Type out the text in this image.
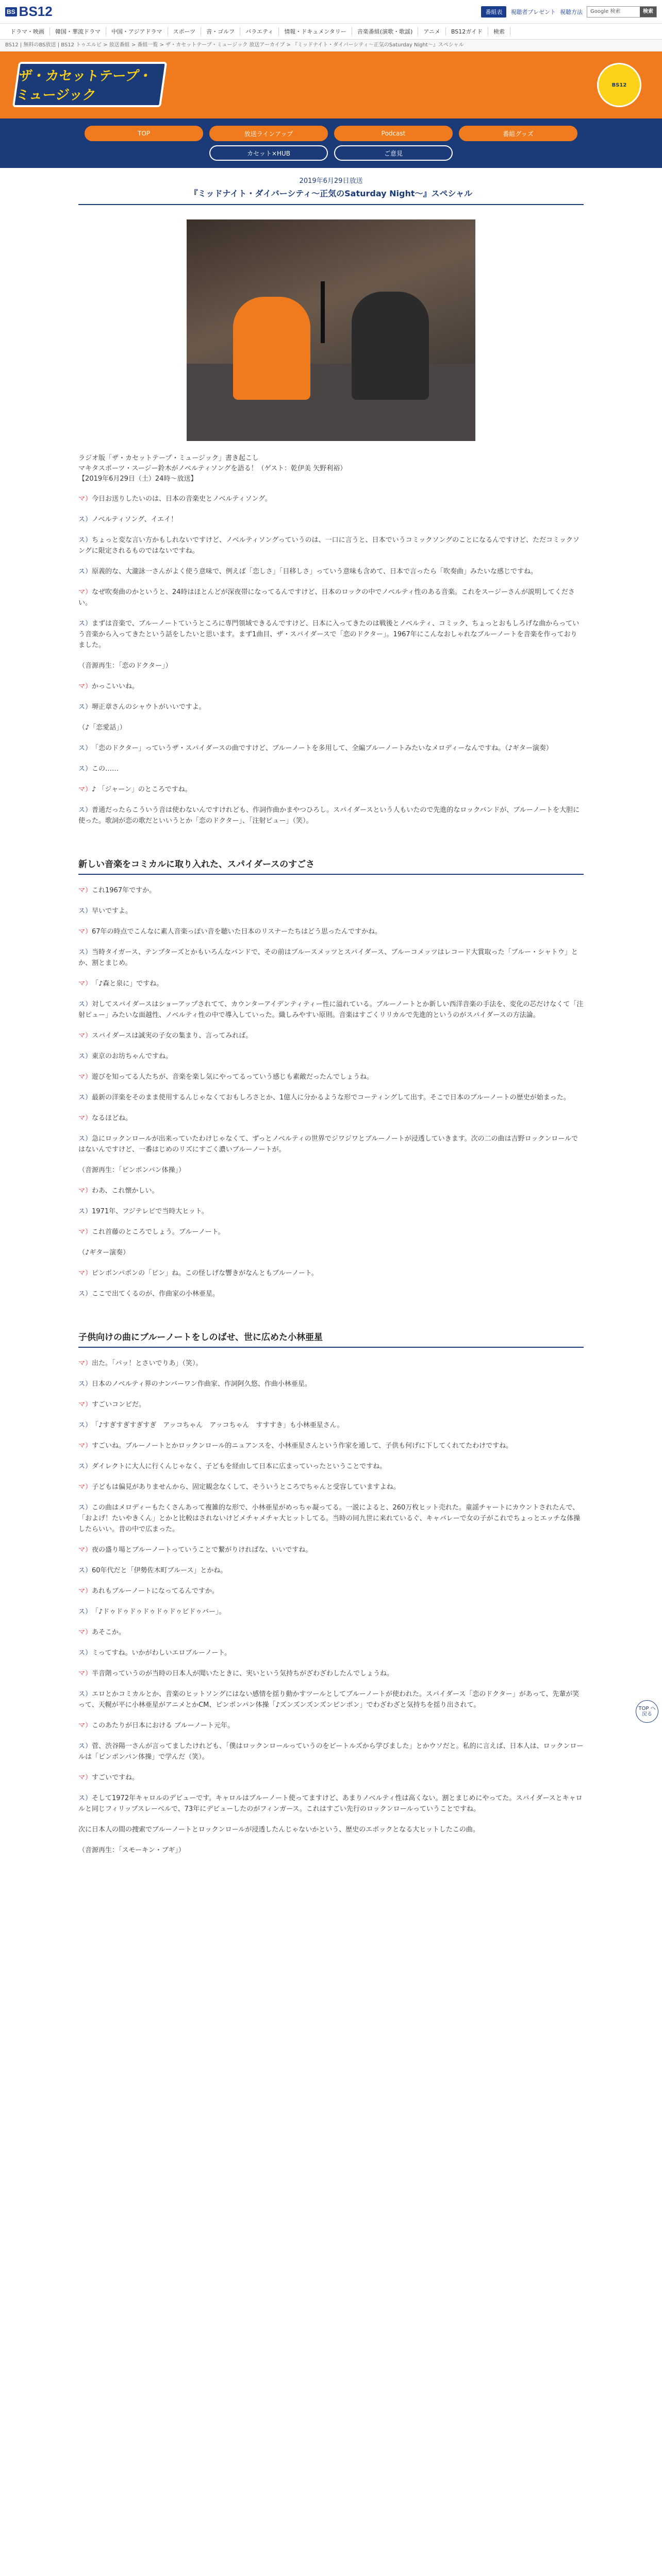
BS BS12	番組表	視聴者プレゼント 視聴方法	Google 検索	検索
ドラマ・映画	韓国・華流ドラマ	中国・アジアドラマ	スポーツ	音・ゴルフ	バラエティ	情報・ドキュメンタリー	音楽番組(演歌・歌謡)	アニメ	BS12ガイド	検索
BS12 | 無料のBS放送 | BS12 トゥエルビ > 放送番組 > 番組一覧 > ザ・カセットテープ・ミュージック 放送アーカイブ > 『ミッドナイト・ダイバーシティ〜正気のSaturday Night〜』スペシャル
ザ・カセットテープ・ミュージック
BS12
TOP	放送ラインアップ	Podcast	番組グッズ
カセット×HUB	ご意見
2019年6月29日放送
『ミッドナイト・ダイバーシティ〜正気のSaturday Night〜』スペシャル
ラジオ版「ザ・カセットテープ・ミュージック」書き起こし
マキタスポーツ・スージー鈴木がノベルティソングを語る！（ゲスト：乾伊美 矢野利裕）
【2019年6月29日（土）24時〜放送】

マ）今日お送りしたいのは、日本の音楽史とノベルティソング。

ス）ノベルティソング、イエイ！

ス）ちょっと変な言い方かもしれないですけど、ノベルティソングっていうのは、一口に言うと、日本でいうコミックソングのことになるんですけど、ただコミックソングに限定されるものではないですね。

ス）原義的な、大瀧詠一さんがよく使う意味で、例えば「恋しさ」「目移しさ」っていう意味も含めて、日本で言ったら「吹奏曲」みたいな感じですね。

マ）なぜ吹奏曲のかというと、24時はほとんどが深夜帯になってるんですけど、日本のロックの中でノベルティ性のある音楽。これをスージーさんが説明してください。

ス）まずは音楽で、ブルーノートていうところに専門領域できるんですけど、日本に入ってきたのは戦後とノベルティ、コミック、ちょっとおもしろげな曲からっていう音楽から入ってきたという話をしたいと思います。まず1曲目、ザ・スパイダースで「恋のドクター」。1967年にこんなおしゃれなブルーノートを音楽を作っておりました。

（音源再生：「恋のドクター」）

マ）かっこいいね。

ス）堺正章さんのシャウトがいいですよ。

（♪「恋愛話」）

ス）「恋のドクター」っていうザ・スパイダースの曲ですけど、ブルーノートを多用して、全編ブルーノートみたいなメロディーなんですね。（♪ギター演奏）

ス）この……

マ）♪ 「ジャーン」のところですね。

ス）普通だったらこういう音は使わないんですけれども、作詞作曲かまやつひろし。スパイダースという人もいたので先進的なロックバンドが、ブルーノートを大胆に使った。歌詞が恋の歌だといいうとか「恋のドクター」、「注射ピュー」（笑）。

新しい音楽をコミカルに取り入れた、スパイダースのすごさ

マ）これ1967年ですか。

ス）早いですよ。

マ）67年の時点でこんなに素人音楽っぽい音を聴いた日本のリスナーたちはどう思ったんですかね。

ス）当時タイガース、テンプターズとかもいろんなバンドで、その前はブルースメッツとスパイダース、ブルーコメッツはレコード大賞取った「ブルー・シャトウ」とか、割とまじめ。

マ）「♪森と泉に」ですね。

ス）対してスパイダースはショーアップされてて、カウンターアイデンティティー性に溢れている。ブルーノートとか新しい西洋音楽の手法を、変化の芯だけなくて「注射ピュー」みたいな面越性、ノベルティ性の中で導入していった。織しみやすい原則。音楽はすごくリリカルで先進的というのがスパイダースの方法論。

マ）スパイダースは誠実の子女の集まり、言ってみれば。

ス）東京のお坊ちゃんですね。

マ）遊びを知ってる人たちが、音楽を楽し気にやってるっていう感じも素敵だったんでしょうね。

ス）最新の洋楽をそのまま使用するんじゃなくておもしろさとか、1億人に分かるような形でコーティングして出す。そこで日本のブルーノートの歴史が始まった。

マ）なるほどね。

ス）急にロックンロールが出来っていたわけじゃなくて、ずっとノベルティの世界でジワジワとブルーノートが浸透していきます。次の二の曲は吉野ロックンロールではないんですけど、一番はじめのリズにすごく濃いブルーノートが。

（音源再生：「ピンポンパン体操」）

マ）わあ、これ懐かしい。

ス）1971年、フジテレビで当時大ヒット。

マ）これ首藤のところでしょう。ブルーノート。

（♪ギター演奏）

マ）ピンポンパポンの「ピン」ね。この怪しげな響きがなんともブルーノート。

ス）ここで出てくるのが、作曲家の小林亜星。

子供向けの曲にブルーノートをしのばせ、世に広めた小林亜星

マ）出た。「パッ！とさいでりあ」（笑）。

ス）日本のノベルティ界のナンバーワン作曲家、作詞阿久悠、作曲小林亜星。

マ）すごいコンビだ。

ス）「♪すぎすぎすぎすぎ　アッコちゃん　アッコちゃん　すすすき」も小林亜星さん。

マ）すごいね。ブルーノートとかロックンロール的ニュアンスを、小林亜星さんという作家を通して、子供も何げに下してくれてたわけですね。

ス）ダイレクトに大人に行くんじゃなく、子どもを経由して日本に広まっていったということですね。

マ）子どもは偏見がありませんから、固定観念なくして、そういうところでちゃんと受容していますよね。

ス）この曲はメロディーもたくさんあって複雑的な形で、小林亜星がめっちゃ凝ってる。一説によると、260万枚ヒット売れた。童謡チャートにカウントされたんで、「およげ！たいやきくん」とかと比較はされないけどメチャメチャ大ヒットしてる。当時の同九世に来れているぐ、キャバレーで女の子がこれでちょっとエッチな体操したらいい。昔の中で広まった。

マ）夜の盛り場とブルーノートっていうことで繋がりければな、いいですね。

ス）60年代だと「伊勢佐木町ブルース」とかね。

マ）あれもブルーノートになってるんですか。

ス）「♪ドゥドゥドゥドゥドゥドゥビドゥバー」。

マ）あそこか。

ス）ミってすね。いかがわしいエロブルーノート。

マ）半音階っていうのが当時の日本人が聞いたときに、実いという気持ちがざわざわしたんでしょうね。

ス）エロとかコミカルとか、音楽のヒットソングにはない感情を揺り動かすツールとしてブルーノートが使われた。スパイダース「恋のドクター」があって、先輩が笑って、天幌が平に小林亜星がアニメとかCM、ピンポンパン体操「♪ズンズンズンズンピンポン」でわざわざと気持ちを揺り出されて。

マ）このあたりが日本における ブルーノート元年。

ス）菅、渋谷陽一さんが言ってましたけれども、「僕はロックンロールっていうのをビートルズから学びました」とかウソだと。私的に言えば、日本人は、ロックンロールは「ピンポンパン体操」で学んだ（笑）。

マ）すごいですね。

ス）そして1972年キャロルのデビューです。キャロルはブルーノート使ってますけど、あまりノベルティ性は高くない。割とまじめにやってた。スパイダースとキャロルと同じフィリップスレーベルで、73年にデビューしたのがフィンガース。これはすごい先行のロックンロールっていうことですね。

次に日本人の間の捜索でブルーノートとロックンロールが浸透したんじゃないかという、歴史のエポックとなる大ヒットしたこの曲。

（音源再生：「スモーキン・ブギ」）

TOP へ戻る
